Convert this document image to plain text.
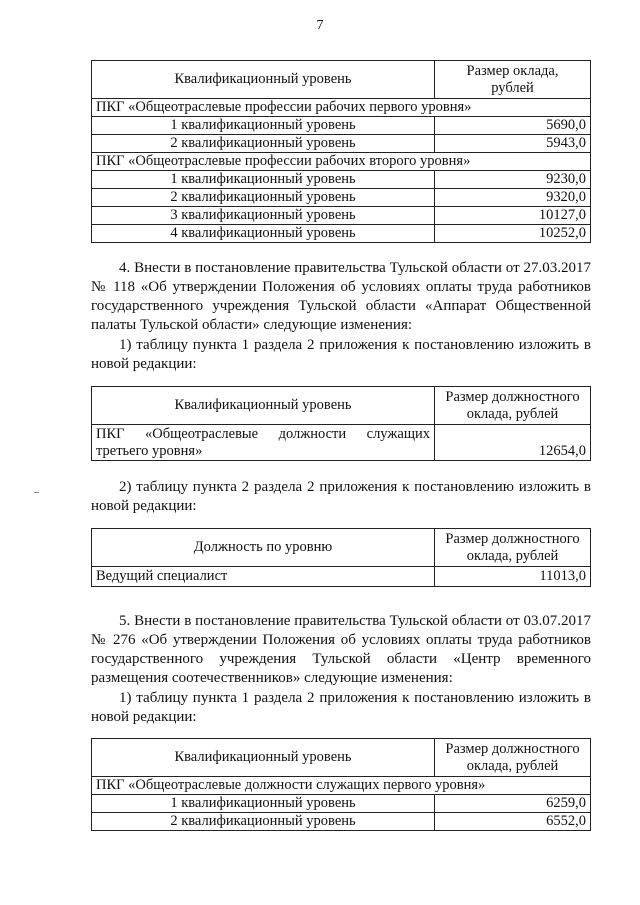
7
Квалификационный уровень	Размер оклада,
рублей
ПКГ «Общеотраслевые профессии рабочих первого уровня»	
1 квалификационный уровень	5690,0
2 квалификационный уровень	5943,0
ПКГ «Общеотраслевые профессии рабочих второго уровня»	
1 квалификационный уровень	9230,0
2 квалификационный уровень	9320,0
3 квалификационный уровень	10127,0
4 квалификационный уровень	10252,0

4. Внести в постановление правительства Тульской области от 27.03.2017 № 118 «Об утверждении Положения об условиях оплаты труда работников государственного учреждения Тульской области «Аппарат Общественной палаты Тульской области» следующие изменения:

1) таблицу пункта 1 раздела 2 приложения к постановлению изложить в новой редакции:

Квалификационный уровень	Размер должностного
оклада, рублей
ПКГ «Общеотраслевые должности служащих третьего уровня»	12654,0

2) таблицу пункта 2 раздела 2 приложения к постановлению изложить в новой редакции:

Должность по уровню	Размер должностного
оклада, рублей
Ведущий специалист	11013,0

5. Внести в постановление правительства Тульской области от 03.07.2017 № 276 «Об утверждении Положения об условиях оплаты труда работников государственного учреждения Тульской области «Центр временного размещения соотечественников» следующие изменения:

1) таблицу пункта 1 раздела 2 приложения к постановлению изложить в новой редакции:

Квалификационный уровень	Размер должностного
оклада, рублей
ПКГ «Общеотраслевые должности служащих первого уровня»	
1 квалификационный уровень	6259,0
2 квалификационный уровень	6552,0
